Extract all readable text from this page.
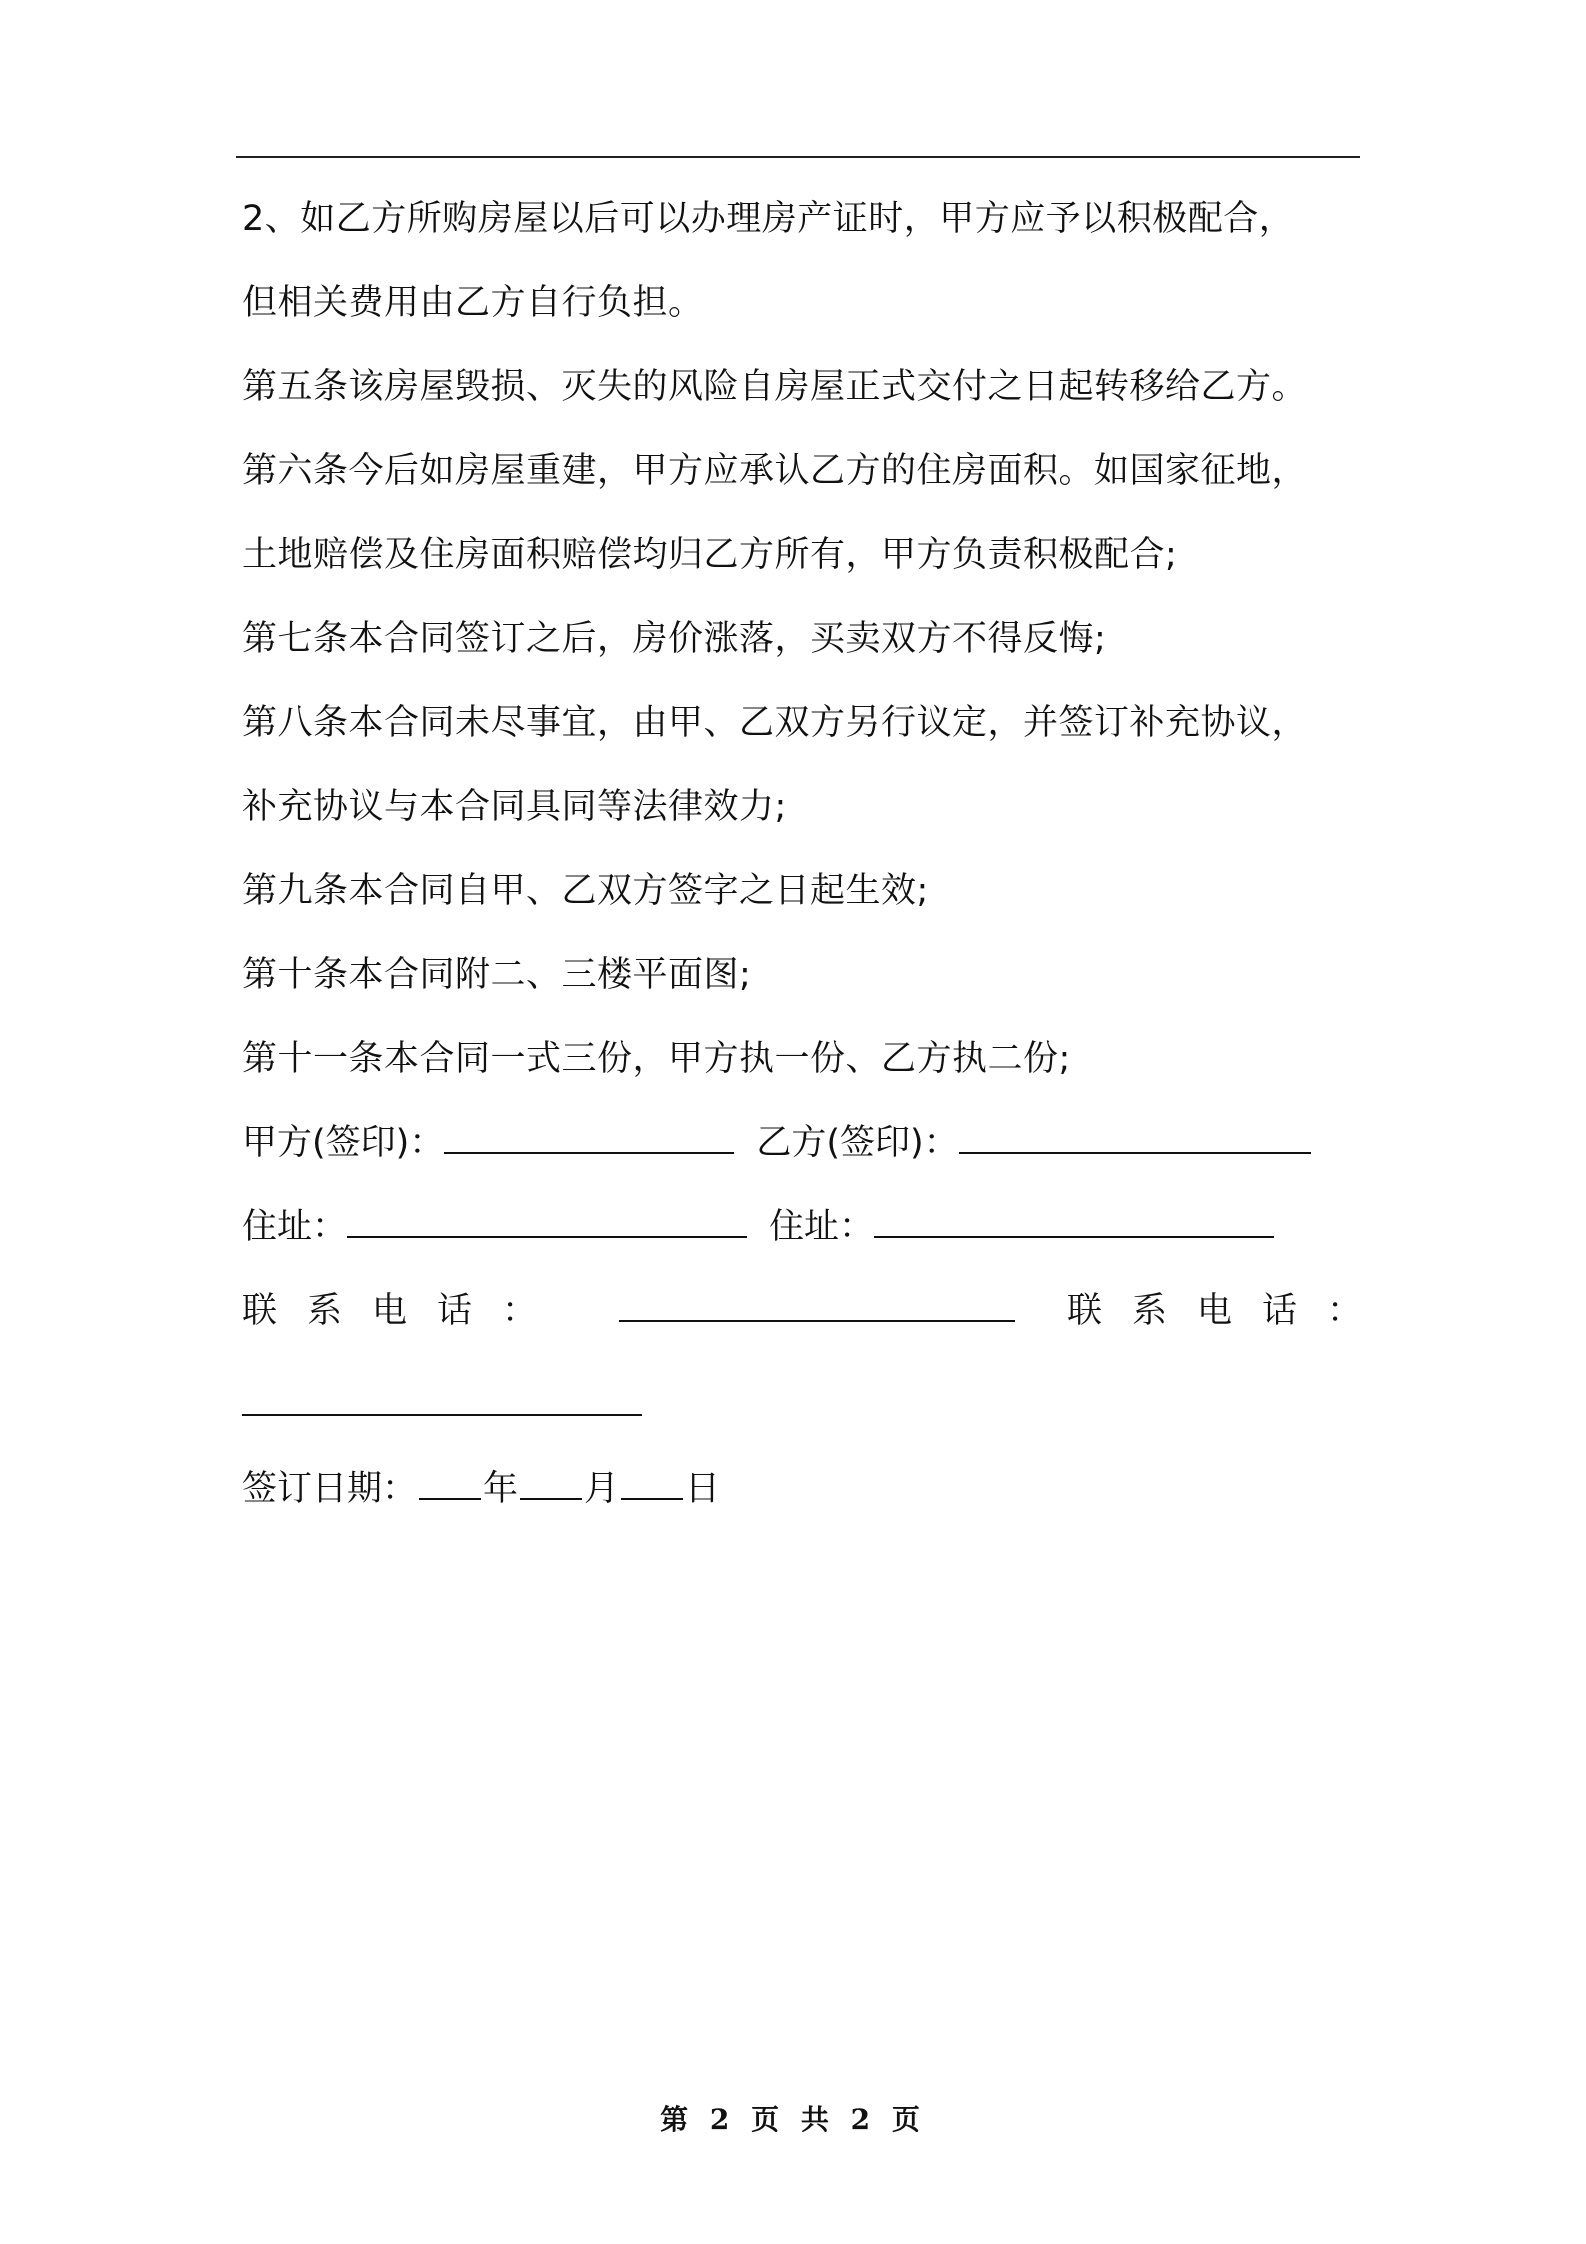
2、如乙方所购房屋以后可以办理房产证时，甲方应予以积极配合，
但相关费用由乙方自行负担。
第五条该房屋毁损、灭失的风险自房屋正式交付之日起转移给乙方。
第六条今后如房屋重建，甲方应承认乙方的住房面积。如国家征地，
土地赔偿及住房面积赔偿均归乙方所有，甲方负责积极配合;
第七条本合同签订之后，房价涨落，买卖双方不得反悔;
第八条本合同未尽事宜，由甲、乙双方另行议定，并签订补充协议，
补充协议与本合同具同等法律效力;
第九条本合同自甲、乙双方签字之日起生效;
第十条本合同附二、三楼平面图;
第十一条本合同一式三份，甲方执一份、乙方执二份;
甲方(签印)：	乙方(签印)：
住址：	住址：
联系电话：	联系电话：
签订日期： 年 月 日
第 2 页 共 2 页
